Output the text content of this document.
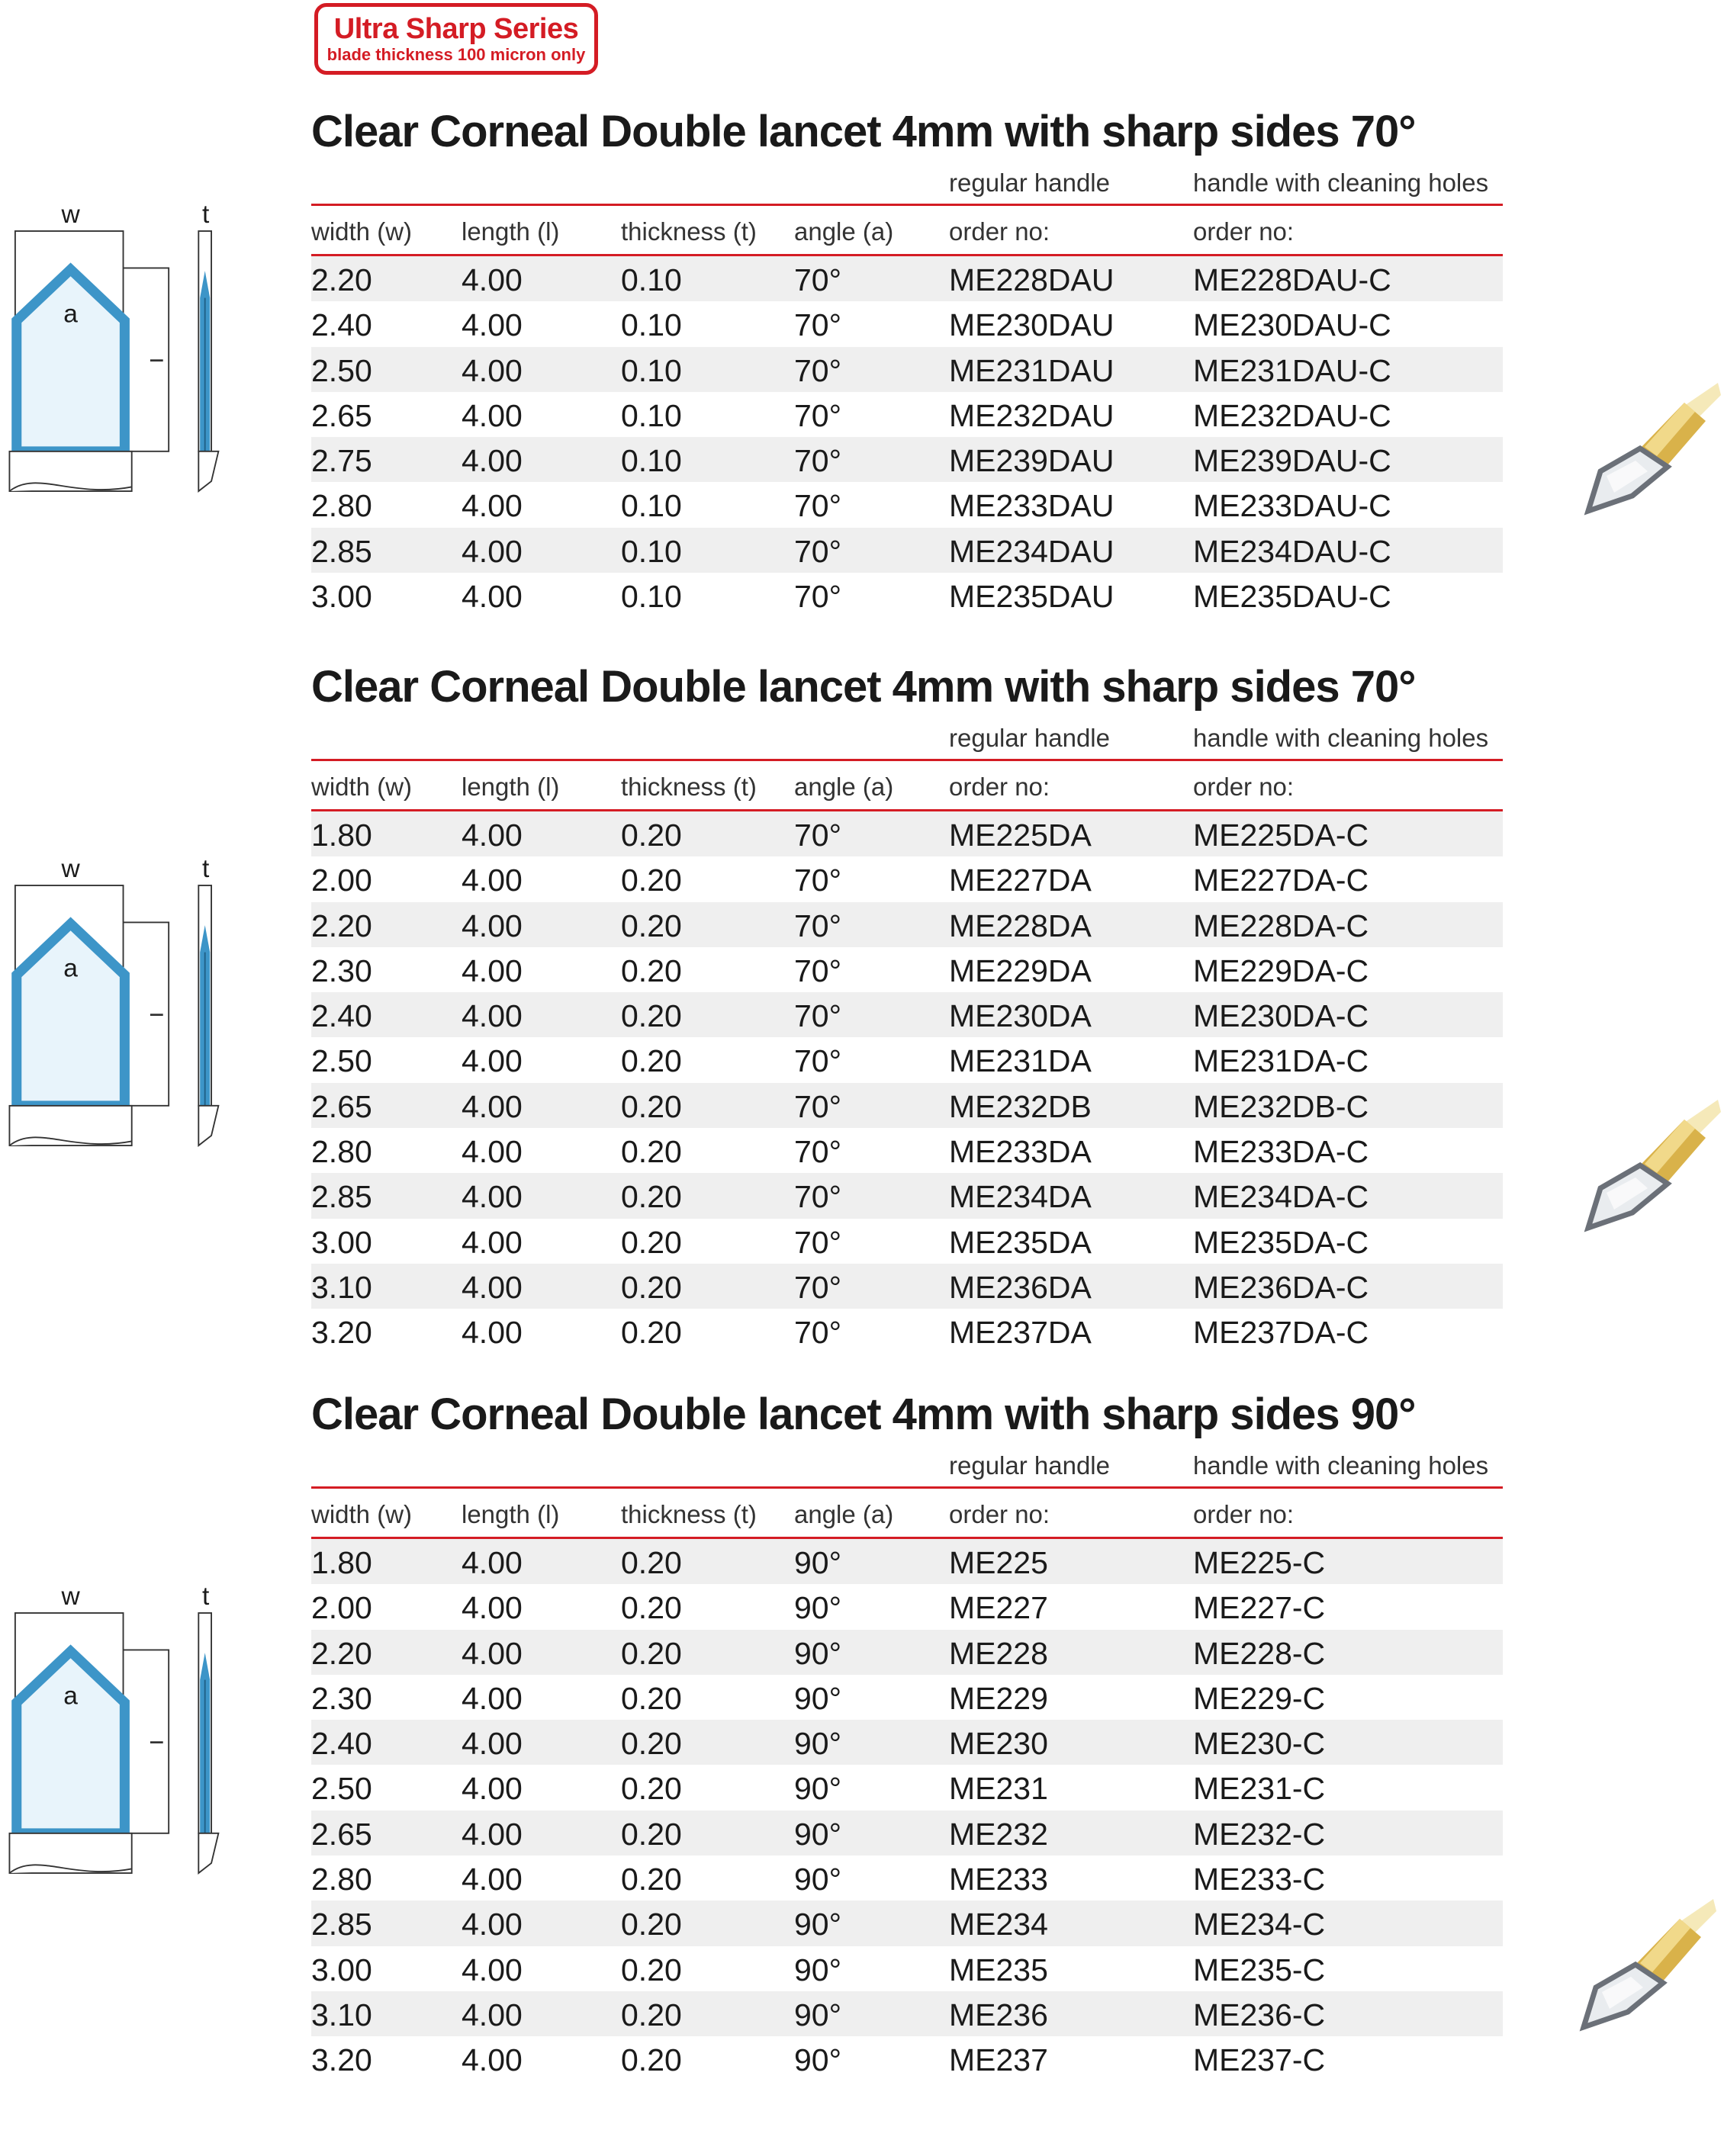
Ultra Sharp Series
blade thickness 100 micron only
Clear Corneal Double lancet 4mm with sharp sides 70°
regular handle	handle with cleaning holes
width (w) length (l) thickness (t) angle (a) order no:	order no:
2.20	4.00	0.10	70°	ME228DAU	ME228DAU-C
2.40	4.00	0.10	70°	ME230DAU	ME230DAU-C
2.50	4.00	0.10	70°	ME231DAU	ME231DAU-C
2.65	4.00	0.10	70°	ME232DAU	ME232DAU-C
2.75	4.00	0.10	70°	ME239DAU	ME239DAU-C
2.80	4.00	0.10	70°	ME233DAU	ME233DAU-C
2.85	4.00	0.10	70°	ME234DAU	ME234DAU-C
3.00	4.00	0.10	70°	ME235DAU	ME235DAU-C
Clear Corneal Double lancet 4mm with sharp sides 70°
regular handle	handle with cleaning holes
width (w) length (l) thickness (t) angle (a) order no:	order no:
1.80	4.00	0.20	70°	ME225DA	ME225DA-C
2.00	4.00	0.20	70°	ME227DA	ME227DA-C
2.20	4.00	0.20	70°	ME228DA	ME228DA-C
2.30	4.00	0.20	70°	ME229DA	ME229DA-C
2.40	4.00	0.20	70°	ME230DA	ME230DA-C
2.50	4.00	0.20	70°	ME231DA	ME231DA-C
2.65	4.00	0.20	70°	ME232DB	ME232DB-C
2.80	4.00	0.20	70°	ME233DA	ME233DA-C
2.85	4.00	0.20	70°	ME234DA	ME234DA-C
3.00	4.00	0.20	70°	ME235DA	ME235DA-C
3.10	4.00	0.20	70°	ME236DA	ME236DA-C
3.20	4.00	0.20	70°	ME237DA	ME237DA-C
Clear Corneal Double lancet 4mm with sharp sides 90°
regular handle	handle with cleaning holes
width (w) length (l) thickness (t) angle (a) order no:	order no:
1.80	4.00	0.20	90°	ME225	ME225-C
2.00	4.00	0.20	90°	ME227	ME227-C
2.20	4.00	0.20	90°	ME228	ME228-C
2.30	4.00	0.20	90°	ME229	ME229-C
2.40	4.00	0.20	90°	ME230	ME230-C
2.50	4.00	0.20	90°	ME231	ME231-C
2.65	4.00	0.20	90°	ME232	ME232-C
2.80	4.00	0.20	90°	ME233	ME233-C
2.85	4.00	0.20	90°	ME234	ME234-C
3.00	4.00	0.20	90°	ME235	ME235-C
3.10	4.00	0.20	90°	ME236	ME236-C
3.20	4.00	0.20	90°	ME237	ME237-C
w	t
a
w	t
a
w	t
a
